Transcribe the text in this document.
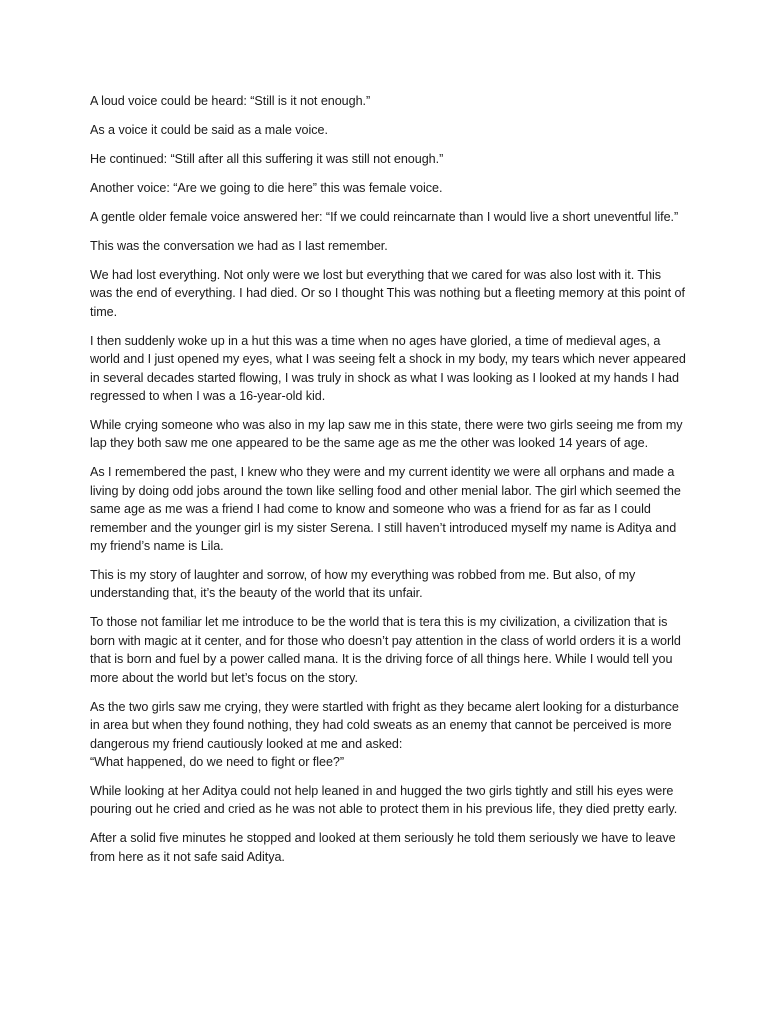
A loud voice could be heard: “Still is it not enough.”

As a voice it could be said as a male voice.

He continued: “Still after all this suffering it was still not enough.”

Another voice: “Are we going to die here” this was female voice.

A gentle older female voice answered her: “If we could reincarnate than I would live a short uneventful life.”

This was the conversation we had as I last remember.

We had lost everything. Not only were we lost but everything that we cared for was also lost with it. This was the end of everything. I had died. Or so I thought This was nothing but a fleeting memory at this point of time.

I then suddenly woke up in a hut this was a time when no ages have gloried, a time of medieval ages, a world and I just opened my eyes, what I was seeing felt a shock in my body, my tears which never appeared in several decades started flowing, I was truly in shock as what I was looking as I looked at my hands I had regressed to when I was a 16-year-old kid.

While crying someone who was also in my lap saw me in this state, there were two girls seeing me from my lap they both saw me one appeared to be the same age as me the other was looked 14 years of age.

As I remembered the past, I knew who they were and my current identity we were all orphans and made a living by doing odd jobs around the town like selling food and other menial labor. The girl which seemed the same age as me was a friend I had come to know and someone who was a friend for as far as I could remember and the younger girl is my sister Serena. I still haven’t introduced myself my name is Aditya and my friend’s name is Lila.

This is my story of laughter and sorrow, of how my everything was robbed from me. But also, of my understanding that, it’s the beauty of the world that its unfair.

To those not familiar let me introduce to be the world that is tera this is my civilization, a civilization that is born with magic at it center, and for those who doesn’t pay attention in the class of world orders it is a world that is born and fuel by a power called mana. It is the driving force of all things here. While I would tell you more about the world but let’s focus on the story.

As the two girls saw me crying, they were startled with fright as they became alert looking for a disturbance in area but when they found nothing, they had cold sweats as an enemy that cannot be perceived is more dangerous my friend cautiously looked at me and asked:
“What happened, do we need to fight or flee?”

While looking at her Aditya could not help leaned in and hugged the two girls tightly and still his eyes were pouring out he cried and cried as he was not able to protect them in his previous life, they died pretty early.

After a solid five minutes he stopped and looked at them seriously he told them seriously we have to leave from here as it not safe said Aditya.
